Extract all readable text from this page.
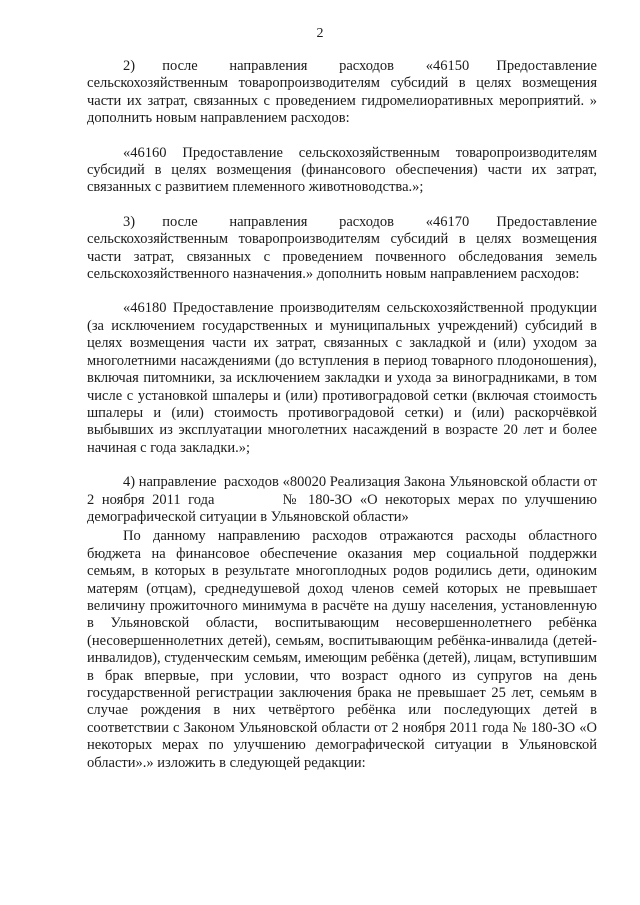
2

2)      после       направления       расходов       «46150      Предоставление сельскохозяйственным товаропроизводителям субсидий в целях возмещения части их затрат, связанных с проведением гидромелиоративных мероприятий. » дополнить новым направлением расходов:

«46160 Предоставление сельскохозяйственным товаропроизводителям субсидий в целях возмещения (финансового обеспечения) части их затрат, связанных с развитием племенного животноводства.»;

3)      после       направления       расходов       «46170      Предоставление сельскохозяйственным товаропроизводителям субсидий в целях возмещения части затрат, связанных с проведением почвенного обследования земель сельскохозяйственного назначения.» дополнить новым направлением расходов:

«46180 Предоставление производителям сельскохозяйственной продукции (за исключением государственных и муниципальных учреждений) субсидий в целях возмещения части их затрат, связанных с закладкой и (или) уходом за многолетними насаждениями (до вступления в период товарного плодоношения), включая питомники, за исключением закладки и ухода за виноградниками, в том числе с установкой шпалеры и (или) противоградовой сетки (включая стоимость шпалеры и (или) стоимость противоградовой сетки) и (или) раскорчёвкой выбывших из эксплуатации многолетних насаждений в возрасте 20 лет и более начиная с года закладки.»;

4) направление  расходов «80020 Реализация Закона Ульяновской области от 2 ноября 2011 года         № 180-ЗО «О некоторых мерах по улучшению демографической ситуации в Ульяновской области»

По данному направлению расходов отражаются расходы областного бюджета на финансовое обеспечение оказания мер социальной поддержки семьям, в которых в результате многоплодных родов родились дети, одиноким матерям (отцам), среднедушевой доход членов семей которых не превышает величину прожиточного минимума в расчёте на душу населения, установленную в Ульяновской области, воспитывающим несовершеннолетнего ребёнка (несовершеннолетних детей), семьям, воспитывающим ребёнка-инвалида (детей-инвалидов), студенческим семьям, имеющим ребёнка (детей), лицам, вступившим в брак впервые, при условии, что возраст одного из супругов на день государственной регистрации заключения брака не превышает 25 лет, семьям в случае рождения в них четвёртого ребёнка или последующих детей в соответствии с Законом Ульяновской области от 2 ноября 2011 года № 180-ЗО «О некоторых мерах по улучшению демографической ситуации в Ульяновской области».» изложить в следующей редакции:
